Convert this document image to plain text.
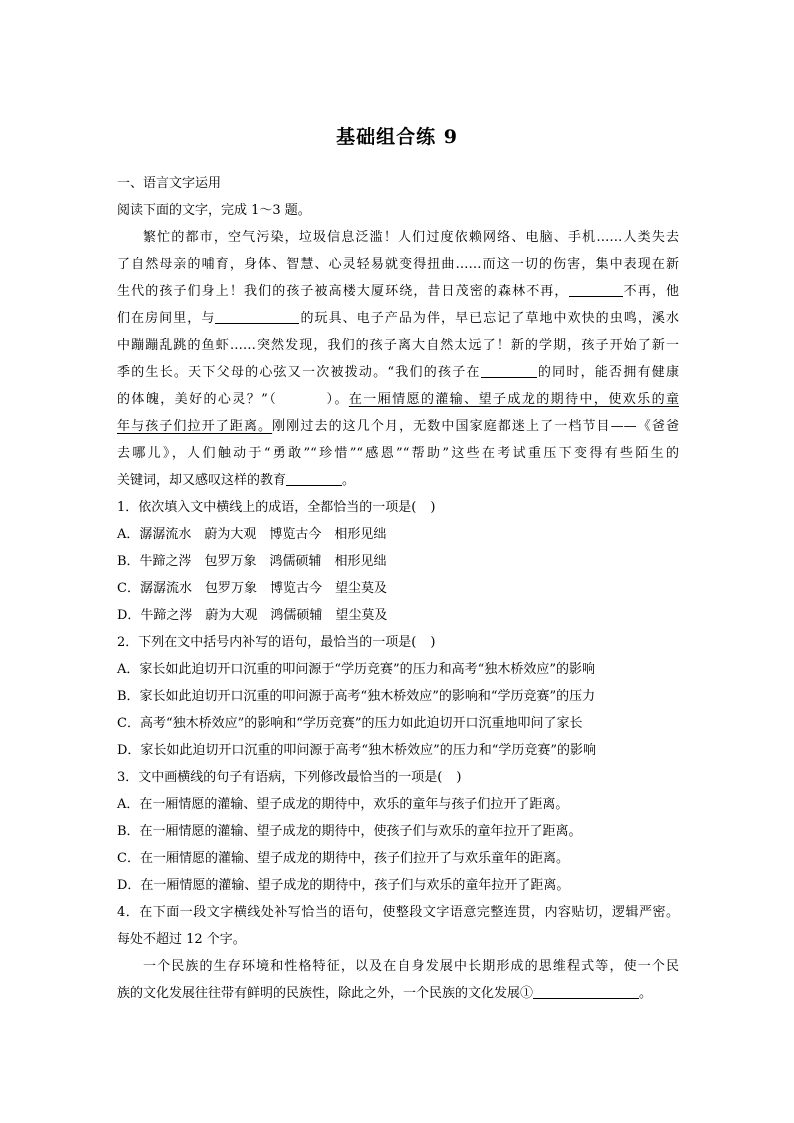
基础组合练 9
一、语言文字运用
阅读下面的文字，完成 1～3 题。
繁忙的都市，空气污染，垃圾信息泛滥！人们过度依赖网络、电脑、手机……人类失去
了自然母亲的哺育，身体、智慧、心灵轻易就变得扭曲……而这一切的伤害，集中表现在新
生代的孩子们身上！我们的孩子被高楼大厦环绕，昔日茂密的森林不再，	不再，他
们在房间里，与	的玩具、电子产品为伴，早已忘记了草地中欢快的虫鸣，溪水
中蹦蹦乱跳的鱼虾……突然发现，我们的孩子离大自然太远了！新的学期，孩子开始了新一
季的生长。天下父母的心弦又一次被拨动。“我们的孩子在	的同时，能否拥有健康
的体魄，美好的心灵？”（	）。在一厢情愿的灌输、望子成龙的期待中，使欢乐的童
年与孩子们拉开了距离。刚刚过去的这几个月，无数中国家庭都迷上了一档节目——《爸爸
去哪儿》，人们触动于“勇敢”“珍惜”“感恩”“帮助”这些在考试重压下变得有些陌生的
关键词，却又感叹这样的教育	。
1．依次填入文中横线上的成语，全都恰当的一项是( )
A．潺潺流水　蔚为大观　博览古今　相形见绌
B．牛蹄之涔　包罗万象　鸿儒硕辅　相形见绌
C．潺潺流水　包罗万象　博览古今　望尘莫及
D．牛蹄之涔　蔚为大观　鸿儒硕辅　望尘莫及
2．下列在文中括号内补写的语句，最恰当的一项是( )
A．家长如此迫切开口沉重的叩问源于“学历竞赛”的压力和高考“独木桥效应”的影响
B．家长如此迫切开口沉重的叩问源于高考“独木桥效应”的影响和“学历竞赛”的压力
C．高考“独木桥效应”的影响和“学历竞赛”的压力如此迫切开口沉重地叩问了家长
D．家长如此迫切开口沉重的叩问源于高考“独木桥效应”的压力和“学历竞赛”的影响
3．文中画横线的句子有语病，下列修改最恰当的一项是( )
A．在一厢情愿的灌输、望子成龙的期待中，欢乐的童年与孩子们拉开了距离。
B．在一厢情愿的灌输、望子成龙的期待中，使孩子们与欢乐的童年拉开了距离。
C．在一厢情愿的灌输、望子成龙的期待中，孩子们拉开了与欢乐童年的距离。
D．在一厢情愿的灌输、望子成龙的期待中，孩子们与欢乐的童年拉开了距离。
4．在下面一段文字横线处补写恰当的语句，使整段文字语意完整连贯，内容贴切，逻辑严密。
每处不超过 12 个字。
一个民族的生存环境和性格特征，以及在自身发展中长期形成的思维程式等，使一个民
族的文化发展往往带有鲜明的民族性，除此之外，一个民族的文化发展①	。
